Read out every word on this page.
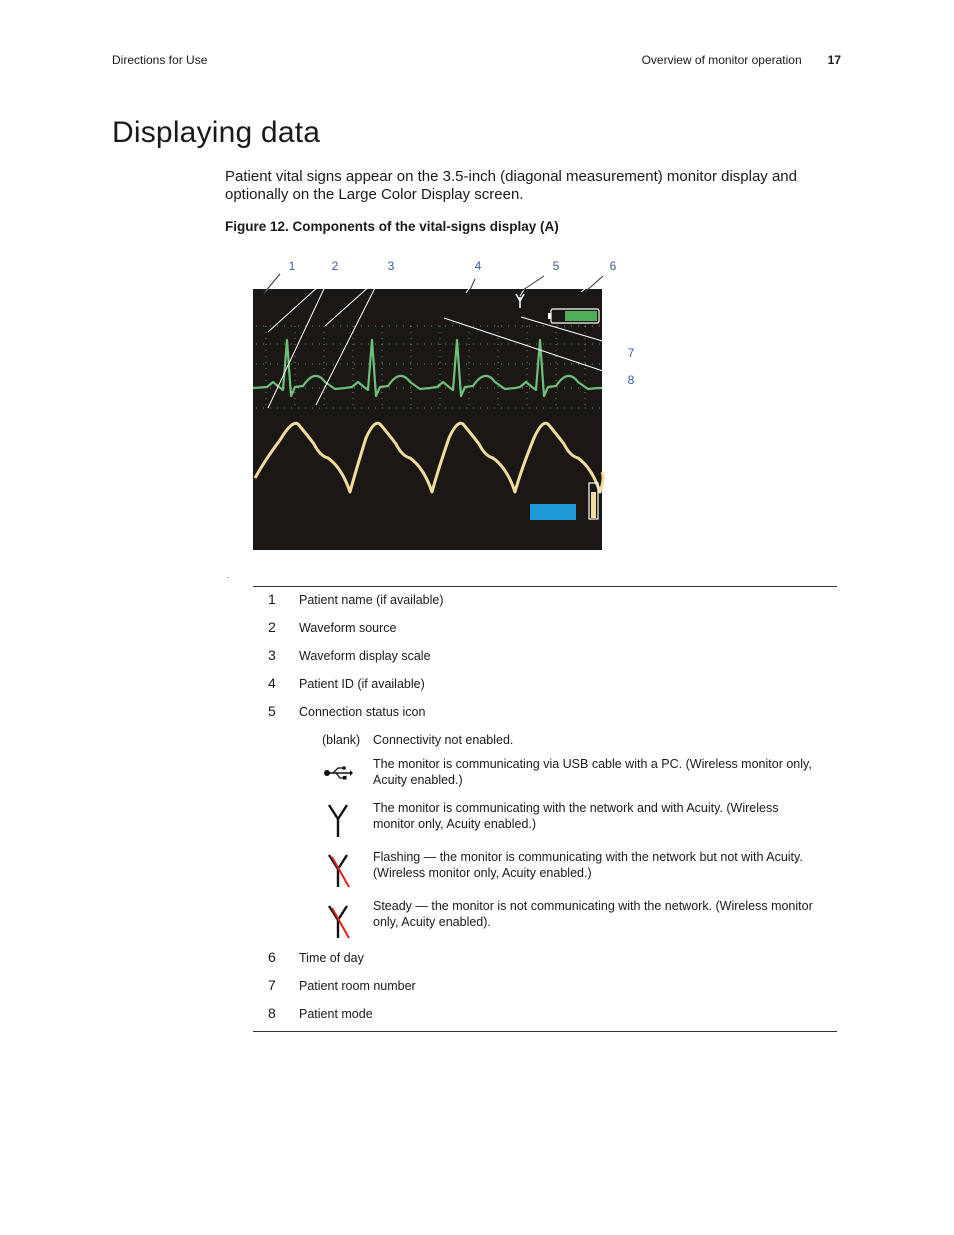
Directions for Use	Overview of monitor operation 17
Displaying data

Patient vital signs appear on the 3.5-inch (diagonal measurement) monitor display and optionally on the Large Color Display screen.

Figure 12. Components of the vital-signs display (A)

1	2	3	4	5	6
7
8
.
1 Patient name (if available)
2 Waveform source
3 Waveform display scale
4 Patient ID (if available)
5 Connection status icon
(blank) Connectivity not enabled.
The monitor is communicating via USB cable with a PC. (Wireless monitor only, Acuity enabled.)
The monitor is communicating with the network and with Acuity. (Wireless monitor only, Acuity enabled.)
Flashing — the monitor is communicating with the network but not with Acuity. (Wireless monitor only, Acuity enabled.)
Steady — the monitor is not communicating with the network. (Wireless monitor only, Acuity enabled).
6 Time of day
7 Patient room number
8 Patient mode
